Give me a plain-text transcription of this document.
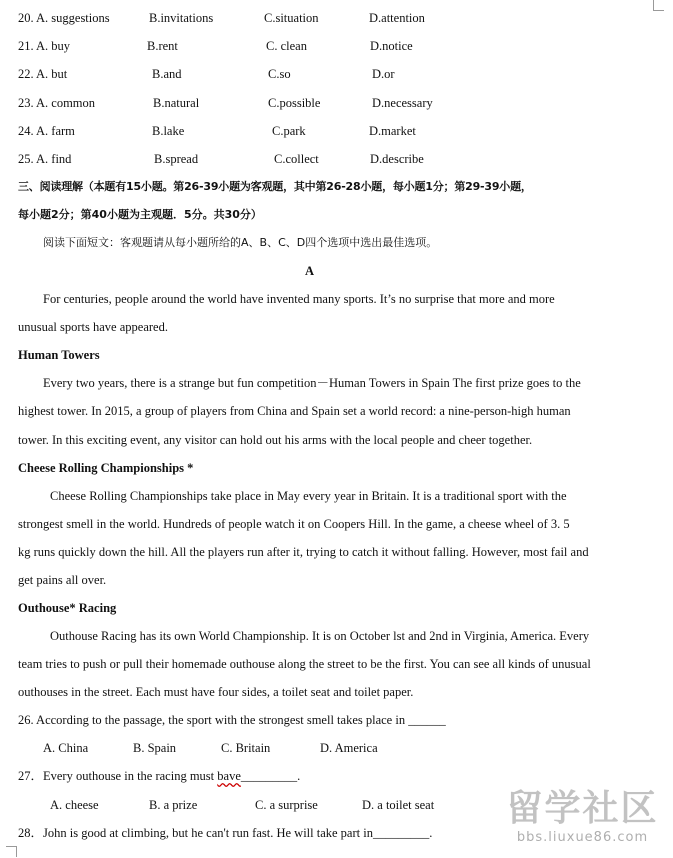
20. A. suggestions	B.invitations	C.situation	D.attention
21. A. buy	B.rent	C. clean	D.notice
22. A. but	B.and	C.so	D.or
23. A. common	B.natural	C.possible	D.necessary
24. A. farm	B.lake	C.park	D.market
25. A. find	B.spread	C.collect	D.describe
三、阅读理解（本题有15小题。第26-39小题为客观题，其中第26-28小题，每小题1分；第29-39小题，
每小题2分；第40小题为主观题．5分。共30分）
阅读下面短文：客观题请从每小题所给的A、B、C、D四个选项中选出最佳选项。
A
For centuries, people around the world have invented many sports. It’s no surprise that more and more
unusual sports have appeared.
Human Towers
Every two years, there is a strange but fun competition－Human Towers in Spain The first prize goes to the
highest tower. In 2015, a group of players from China and Spain set a world record: a nine-person-high human
tower. In this exciting event, any visitor can hold out his arms with the local people and cheer together.
Cheese Rolling Championships *
Cheese Rolling Championships take place in May every year in Britain. It is a traditional sport with the
strongest smell in the world. Hundreds of people watch it on Coopers Hill. In the game, a cheese wheel of 3. 5
kg runs quickly down the hill. All the players run after it, trying to catch it without falling. However, most fail and
get pains all over.
Outhouse* Racing
Outhouse Racing has its own World Championship. It is on October lst and 2nd in Virginia, America. Every
team tries to push or pull their homemade outhouse along the street to be the first. You can see all kinds of unusual
outhouses in the street. Each must have four sides, a toilet seat and toilet paper.
26. According to the passage, the sport with the strongest smell takes place in ______
A. China	B. Spain	C. Britain	D. America
27．Every outhouse in the racing must bave_________.
A. cheese	B. a prize	C. a surprise	D. a toilet seat
28．John is good at climbing, but he can't run fast. He will take part in_________.
留学社区
bbs.liuxue86.com
